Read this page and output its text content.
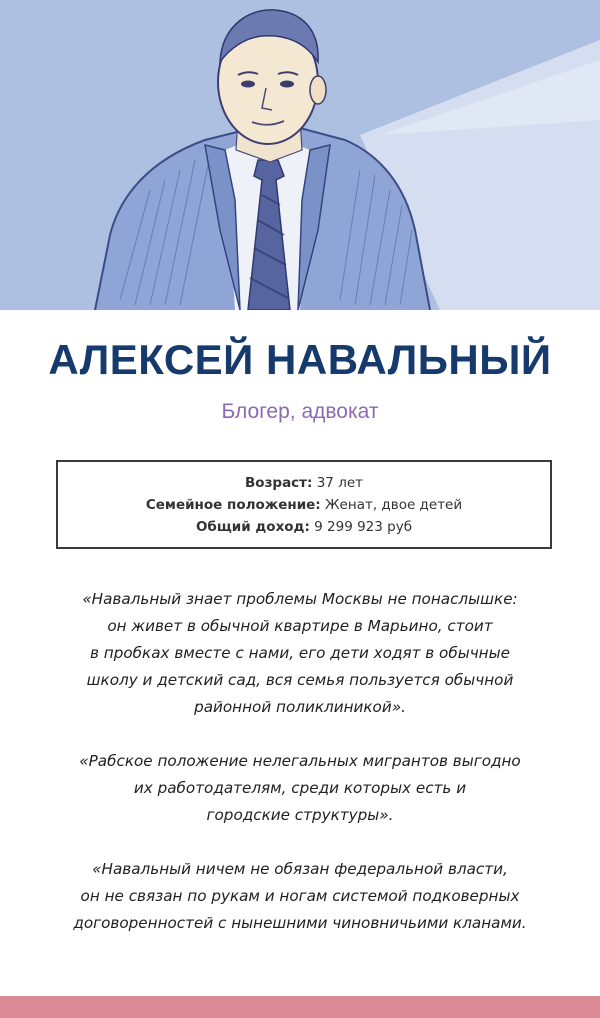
АЛЕКСЕЙ НАВАЛЬНЫЙ
Блогер, адвокат
Возраст: 37 лет
Семейное положение: Женат, двое детей
Общий доход: 9 299 923 руб

«Навальный знает проблемы Москвы не понаслышке:
он живет в обычной квартире в Марьино, стоит
в пробках вместе с нами, его дети ходят в обычные
школу и детский сад, вся семья пользуется обычной
районной поликлиникой».

«Рабское положение нелегальных мигрантов выгодно
их работодателям, среди которых есть и
городские структуры».

«Навальный ничем не обязан федеральной власти,
он не связан по рукам и ногам системой подковерных
договоренностей с нынешними чиновничьими кланами.
